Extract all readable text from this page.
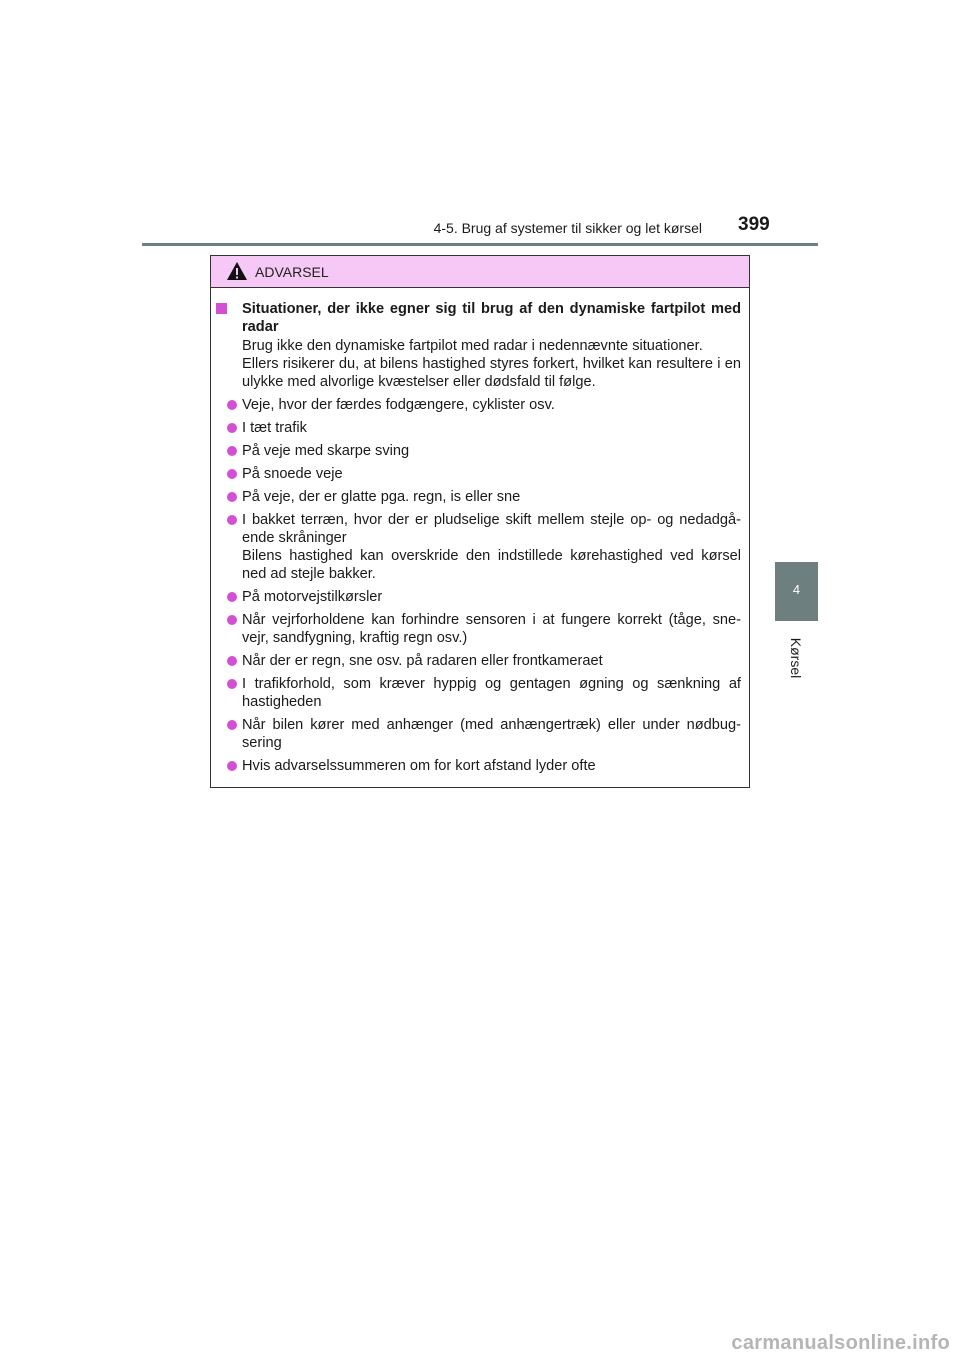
4-5. Brug af systemer til sikker og let kørsel 399
4
Kørsel
ADVARSEL
Situationer, der ikke egner sig til brug af den dynamiske fartpilot med radar
Brug ikke den dynamiske fartpilot med radar i nedennævnte situationer.
Ellers risikerer du, at bilens hastighed styres forkert, hvilket kan resultere i en ulykke med alvorlige kvæstelser eller dødsfald til følge.
Veje, hvor der færdes fodgængere, cyklister osv.
I tæt trafik
På veje med skarpe sving
På snoede veje
På veje, der er glatte pga. regn, is eller sne
I bakket terræn, hvor der er pludselige skift mellem stejle op- og nedadgå-ende skråninger
Bilens hastighed kan overskride den indstillede kørehastighed ved kørsel ned ad stejle bakker.
På motorvejstilkørsler
Når vejrforholdene kan forhindre sensoren i at fungere korrekt (tåge, sne-vejr, sandfygning, kraftig regn osv.)
Når der er regn, sne osv. på radaren eller frontkameraet
I trafikforhold, som kræver hyppig og gentagen øgning og sænkning af hastigheden
Når bilen kører med anhænger (med anhængertræk) eller under nødbug-sering
Hvis advarselssummeren om for kort afstand lyder ofte
carmanualsonline.info
